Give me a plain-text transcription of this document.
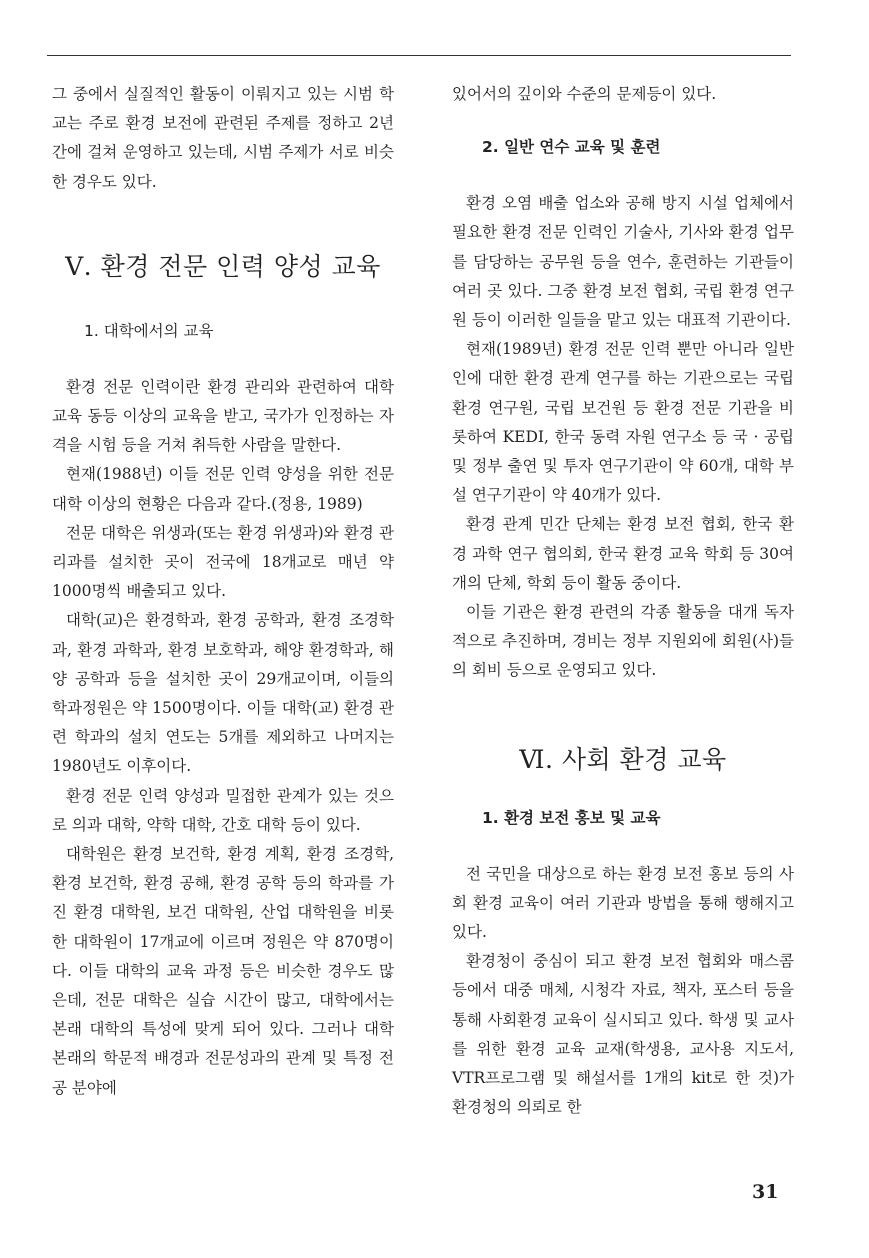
그 중에서 실질적인 활동이 이뤄지고 있는 시범 학교는 주로 환경 보전에 관련된 주제를 정하고 2년간에 걸쳐 운영하고 있는데, 시범 주제가 서로 비슷한 경우도 있다.

Ⅴ. 환경 전문 인력 양성 교육
1. 대학에서의 교육

환경 전문 인력이란 환경 관리와 관련하여 대학 교육 동등 이상의 교육을 받고, 국가가 인정하는 자격을 시험 등을 거쳐 취득한 사람을 말한다.

현재(1988년) 이들 전문 인력 양성을 위한 전문 대학 이상의 현황은 다음과 같다.(정용, 1989)

전문 대학은 위생과(또는 환경 위생과)와 환경 관리과를 설치한 곳이 전국에 18개교로 매년 약 1000명씩 배출되고 있다.

대학(교)은 환경학과, 환경 공학과, 환경 조경학과, 환경 과학과, 환경 보호학과, 해양 환경학과, 해양 공학과 등을 설치한 곳이 29개교이며, 이들의 학과정원은 약 1500명이다. 이들 대학(교) 환경 관련 학과의 설치 연도는 5개를 제외하고 나머지는 1980년도 이후이다.

환경 전문 인력 양성과 밀접한 관계가 있는 것으로 의과 대학, 약학 대학, 간호 대학 등이 있다.

대학원은 환경 보건학, 환경 계획, 환경 조경학, 환경 보건학, 환경 공해, 환경 공학 등의 학과를 가진 환경 대학원, 보건 대학원, 산업 대학원을 비롯한 대학원이 17개교에 이르며 정원은 약 870명이다. 이들 대학의 교육 과정 등은 비슷한 경우도 많은데, 전문 대학은 실습 시간이 많고, 대학에서는 본래 대학의 특성에 맞게 되어 있다. 그러나 대학 본래의 학문적 배경과 전문성과의 관계 및 특정 전공 분야에

있어서의 깊이와 수준의 문제등이 있다.

2. 일반 연수 교육 및 훈련

환경 오염 배출 업소와 공해 방지 시설 업체에서 필요한 환경 전문 인력인 기술사, 기사와 환경 업무를 담당하는 공무원 등을 연수, 훈련하는 기관들이 여러 곳 있다. 그중 환경 보전 협회, 국립 환경 연구원 등이 이러한 일들을 맡고 있는 대표적 기관이다.

현재(1989년) 환경 전문 인력 뿐만 아니라 일반인에 대한 환경 관계 연구를 하는 기관으로는 국립 환경 연구원, 국립 보건원 등 환경 전문 기관을 비롯하여 KEDI, 한국 동력 자원 연구소 등 국 · 공립 및 정부 출연 및 투자 연구기관이 약 60개, 대학 부설 연구기관이 약 40개가 있다.

환경 관계 민간 단체는 환경 보전 협회, 한국 환경 과학 연구 협의회, 한국 환경 교육 학회 등 30여개의 단체, 학회 등이 활동 중이다.

이들 기관은 환경 관련의 각종 활동을 대개 독자적으로 추진하며, 경비는 정부 지원외에 회원(사)들의 회비 등으로 운영되고 있다.

Ⅵ. 사회 환경 교육
1. 환경 보전 홍보 및 교육

전 국민을 대상으로 하는 환경 보전 홍보 등의 사회 환경 교육이 여러 기관과 방법을 통해 행해지고 있다.

환경청이 중심이 되고 환경 보전 협회와 매스콤 등에서 대중 매체, 시청각 자료, 책자, 포스터 등을 통해 사회환경 교육이 실시되고 있다. 학생 및 교사를 위한 환경 교육 교재(학생용, 교사용 지도서, VTR프로그램 및 해설서를 1개의 kit로 한 것)가 환경청의 의뢰로 한

31
